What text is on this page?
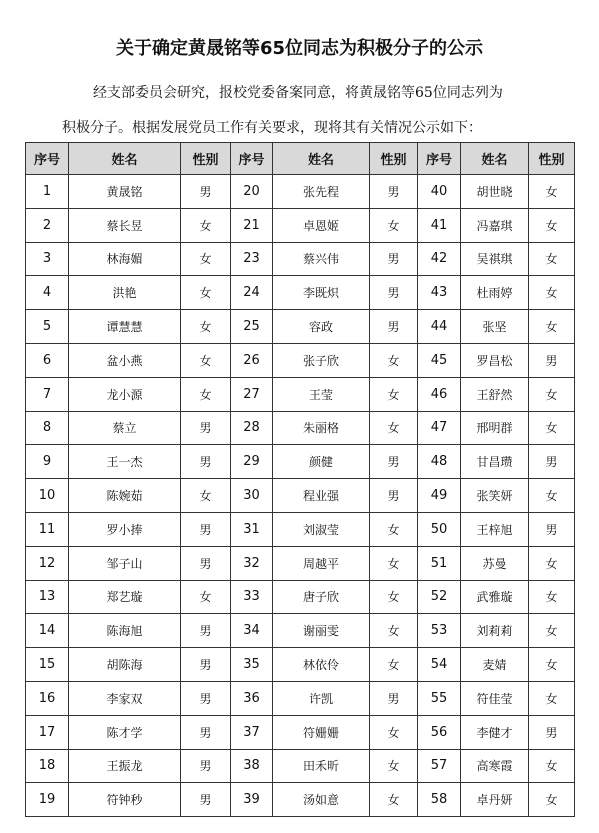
关于确定黄晟铭等65位同志为积极分子的公示
经支部委员会研究，报校党委备案同意，将黄晟铭等65位同志列为
积极分子。根据发展党员工作有关要求，现将其有关情况公示如下：
序号	姓名	性别	序号	姓名	性别	序号	姓名	性别
1	黄晟铭	男	20	张先程	男	40	胡世晓	女
2	蔡长昱	女	21	卓恩姬	女	41	冯嘉琪	女
3	林海媚	女	23	蔡兴伟	男	42	吴祺琪	女
4	洪艳	女	24	李既炽	男	43	杜雨婷	女
5	谭慧慧	女	25	容政	男	44	张坚	女
6	盆小燕	女	26	张子欣	女	45	罗昌松	男
7	龙小源	女	27	王莹	女	46	王舒然	女
8	蔡立	男	28	朱丽格	女	47	邢明群	女
9	王一杰	男	29	颜健	男	48	甘昌瓒	男
10	陈婉茹	女	30	程业强	男	49	张笑妍	女
11	罗小捧	男	31	刘淑莹	女	50	王梓旭	男
12	邹子山	男	32	周越平	女	51	苏曼	女
13	郑艺璇	女	33	唐子欣	女	52	武雅璇	女
14	陈海旭	男	34	谢丽雯	女	53	刘莉莉	女
15	胡陈海	男	35	林依伶	女	54	麦婧	女
16	李家双	男	36	许凯	男	55	符佳莹	女
17	陈才学	男	37	符姗姗	女	56	李健才	男
18	王振龙	男	38	田禾昕	女	57	高寒霞	女
19	符钟秒	男	39	汤如意	女	58	卓丹妍	女
